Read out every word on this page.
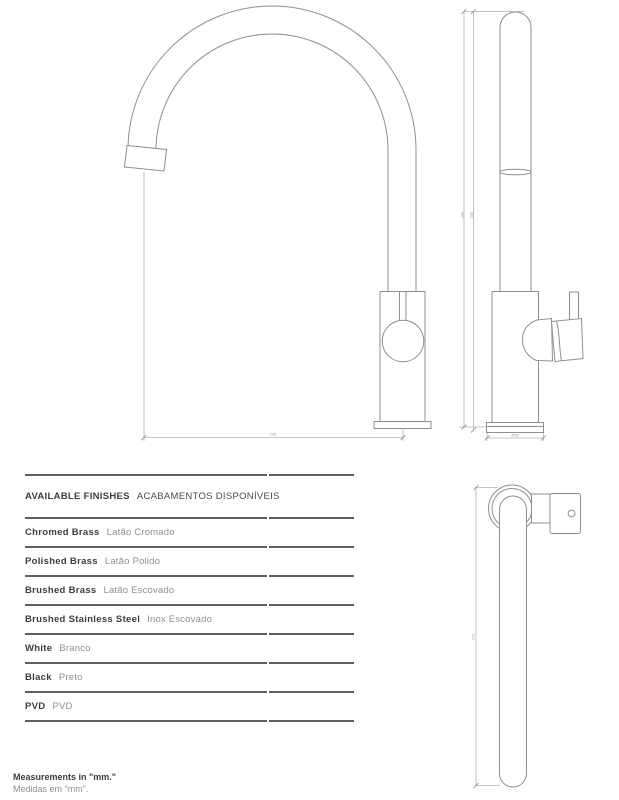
236
390 358
Ø50
270
AVAILABLE FINISHES ACABAMENTOS DISPONÍVEIS
Chromed Brass Latão Cromado
Polished Brass Latão Polido
Brushed Brass Latão Escovado
Brushed Stainless Steel Inox Escovado
White Branco
Black Preto
PVD PVD
Measurements in "mm."
Medidas em "mm".
